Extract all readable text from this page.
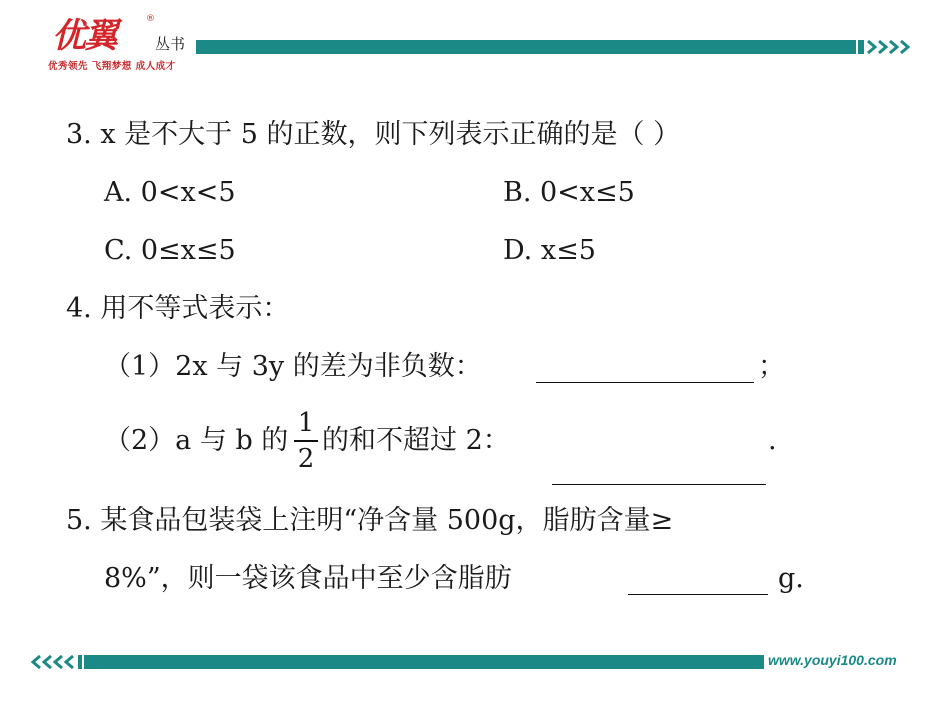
优翼	®
丛书
优秀领先 飞翔梦想 成人成才
3. x 是不大于 5 的正数，则下列表示正确的是（ ）
A. 0<x<5	B. 0<x≤5
C. 0≤x≤5	D. x≤5
4. 用不等式表示：
（1）2x 与 3y 的差为非负数：	；
（2）a 与 b 的
1
2
的和不超过 2：	.
5. 某食品包装袋上注明“净含量 500g，脂肪含量≥
8%”，则一袋该食品中至少含脂肪	g.
www.youyi100.com
